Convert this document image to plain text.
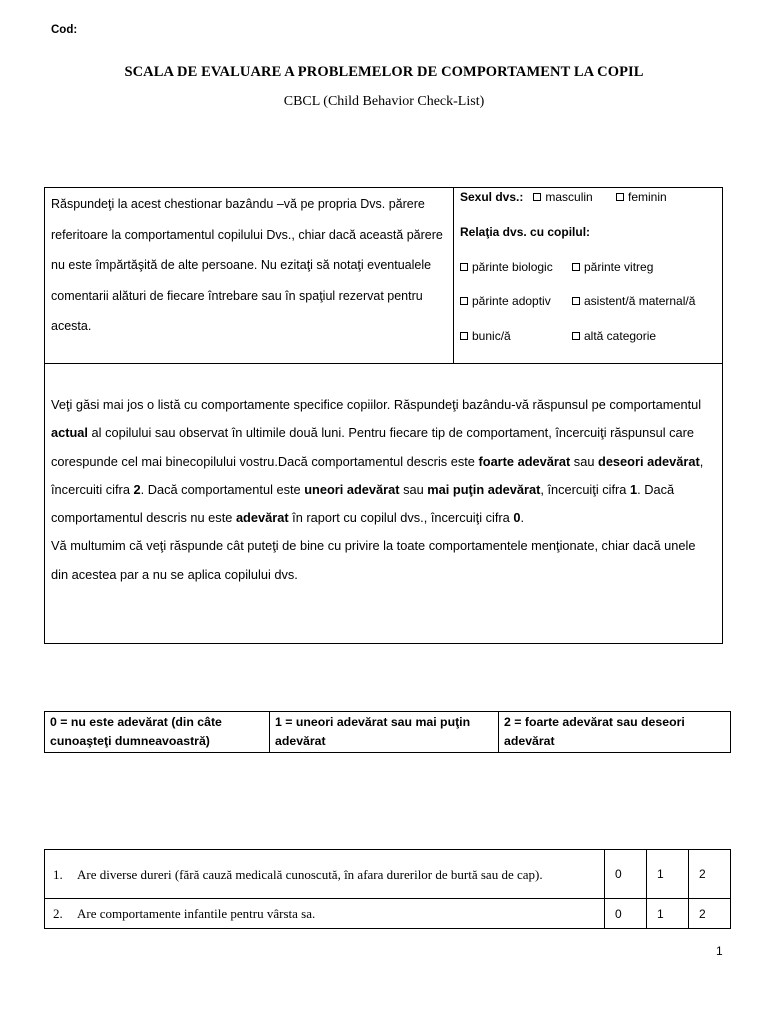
Cod:
SCALA DE EVALUARE A PROBLEMELOR DE COMPORTAMENT LA COPIL
CBCL (Child Behavior Check-List)
Răspundeţi la acest chestionar bazându –vă pe propria Dvs. părere referitoare la comportamentul copilului Dvs., chiar dacă această părere nu este împărtăşită de alte persoane. Nu ezitaţi să notaţi eventualele comentarii alături de fiecare întrebare sau în spaţiul rezervat pentru acesta.	
Sexul dvs.: masculin	feminin
Relaţia dvs. cu copilul:
părinte biologic	părinte vitreg
părinte adoptiv	asistent/ă maternal/ă
bunic/ă	altă categorie
Veţi găsi mai jos o listă cu comportamente specifice copiilor. Răspundeţi bazându-vă răspunsul pe comportamentul actual al copilului sau observat în ultimile două luni. Pentru fiecare tip de comportament, încercuiţi răspunsul care corespunde cel mai binecopilului vostru.Dacă comportamentul descris este foarte adevărat sau deseori adevărat, încercuiti cifra 2. Dacă comportamentul este uneori adevărat sau mai puţin adevărat, încercuiţi cifra 1. Dacă comportamentul descris nu este adevărat în raport cu copilul dvs., încercuiţi cifra 0.
Vă multumim că veţi răspunde cât puteţi de bine cu privire la toate comportamentele menţionate, chiar dacă unele din acestea par a nu se aplica copilului dvs.
0 = nu este adevărat (din câte cunoaşteţi dumneavoastră)	1 = uneori adevărat sau mai puţin adevărat	2 = foarte adevărat sau deseori adevărat
1. Are diverse dureri (fără cauză medicală cunoscută, în afara durerilor de burtă sau de cap).	0	1	2

2. Are comportamente infantile pentru vârsta sa.	0	1	2
1
